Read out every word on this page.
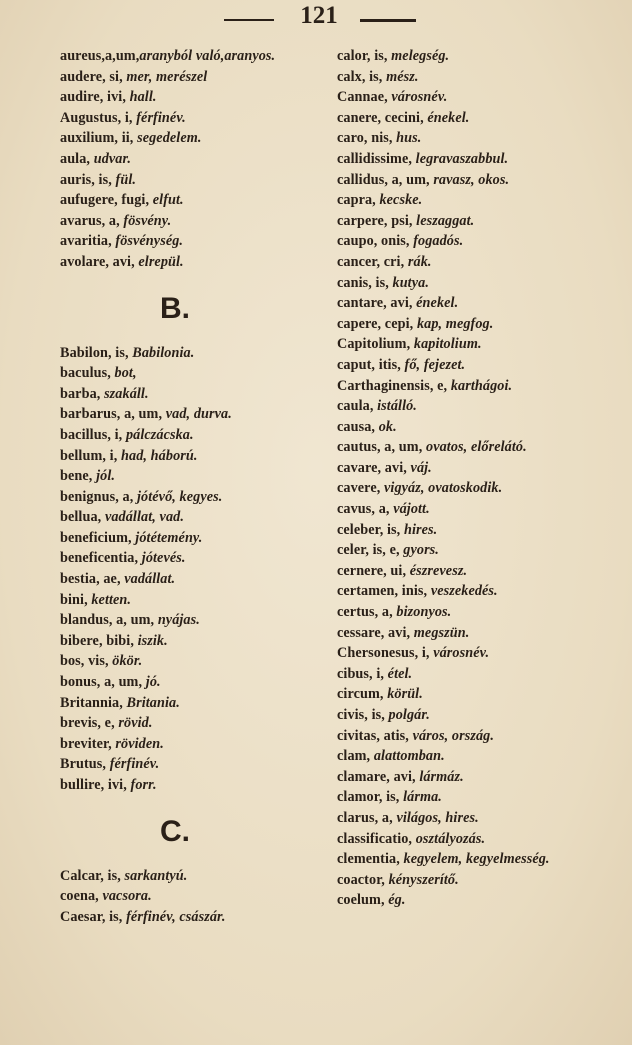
121
aureus,a,um,aranyból való,aranyos.
audere, si, mer, merészel
audire, ivi, hall.
Augustus, i, férfinév.
auxilium, ii, segedelem.
aula, udvar.
auris, is, fül.
aufugere, fugi, elfut.
avarus, a, fösvény.
avaritia, fösvénység.
avolare, avi, elrepül.
B.
Babilon, is, Babilonia.
baculus, bot,
barba, szakáll.
barbarus, a, um, vad, durva.
bacillus, i, pálczácska.
bellum, i, had, háború.
bene, jól.
benignus, a, jótévő, kegyes.
bellua, vadállat, vad.
beneficium, jótétemény.
beneficentia, jótevés.
bestia, ae, vadállat.
bini, ketten.
blandus, a, um, nyájas.
bibere, bibi, iszik.
bos, vis, ökör.
bonus, a, um, jó.
Britannia, Britania.
brevis, e, rövid.
breviter, röviden.
Brutus, férfinév.
bullire, ivi, forr.
C.
Calcar, is, sarkantyú.
coena, vacsora.
Caesar, is, férfinév, császár.
calor, is, melegség.
calx, is, mész.
Cannae, városnév.
canere, cecini, énekel.
caro, nis, hus.
callidissime, legravaszabbul.
callidus, a, um, ravasz, okos.
capra, kecske.
carpere, psi, leszaggat.
caupo, onis, fogadós.
cancer, cri, rák.
canis, is, kutya.
cantare, avi, énekel.
capere, cepi, kap, megfog.
Capitolium, kapitolium.
caput, itis, fő, fejezet.
Carthaginensis, e, karthágoi.
caula, istálló.
causa, ok.
cautus, a, um, ovatos, előrelátó.
cavare, avi, váj.
cavere, vigyáz, ovatoskodik.
cavus, a, vájott.
celeber, is, hires.
celer, is, e, gyors.
cernere, ui, észrevesz.
certamen, inis, veszekedés.
certus, a, bizonyos.
cessare, avi, megszün.
Chersonesus, i, városnév.
cibus, i, étel.
circum, körül.
civis, is, polgár.
civitas, atis, város, ország.
clam, alattomban.
clamare, avi, lármáz.
clamor, is, lárma.
clarus, a, világos, hires.
classificatio, osztályozás.
clementia, kegyelem, kegyelmesség.
coactor, kényszerítő.
coelum, ég.
